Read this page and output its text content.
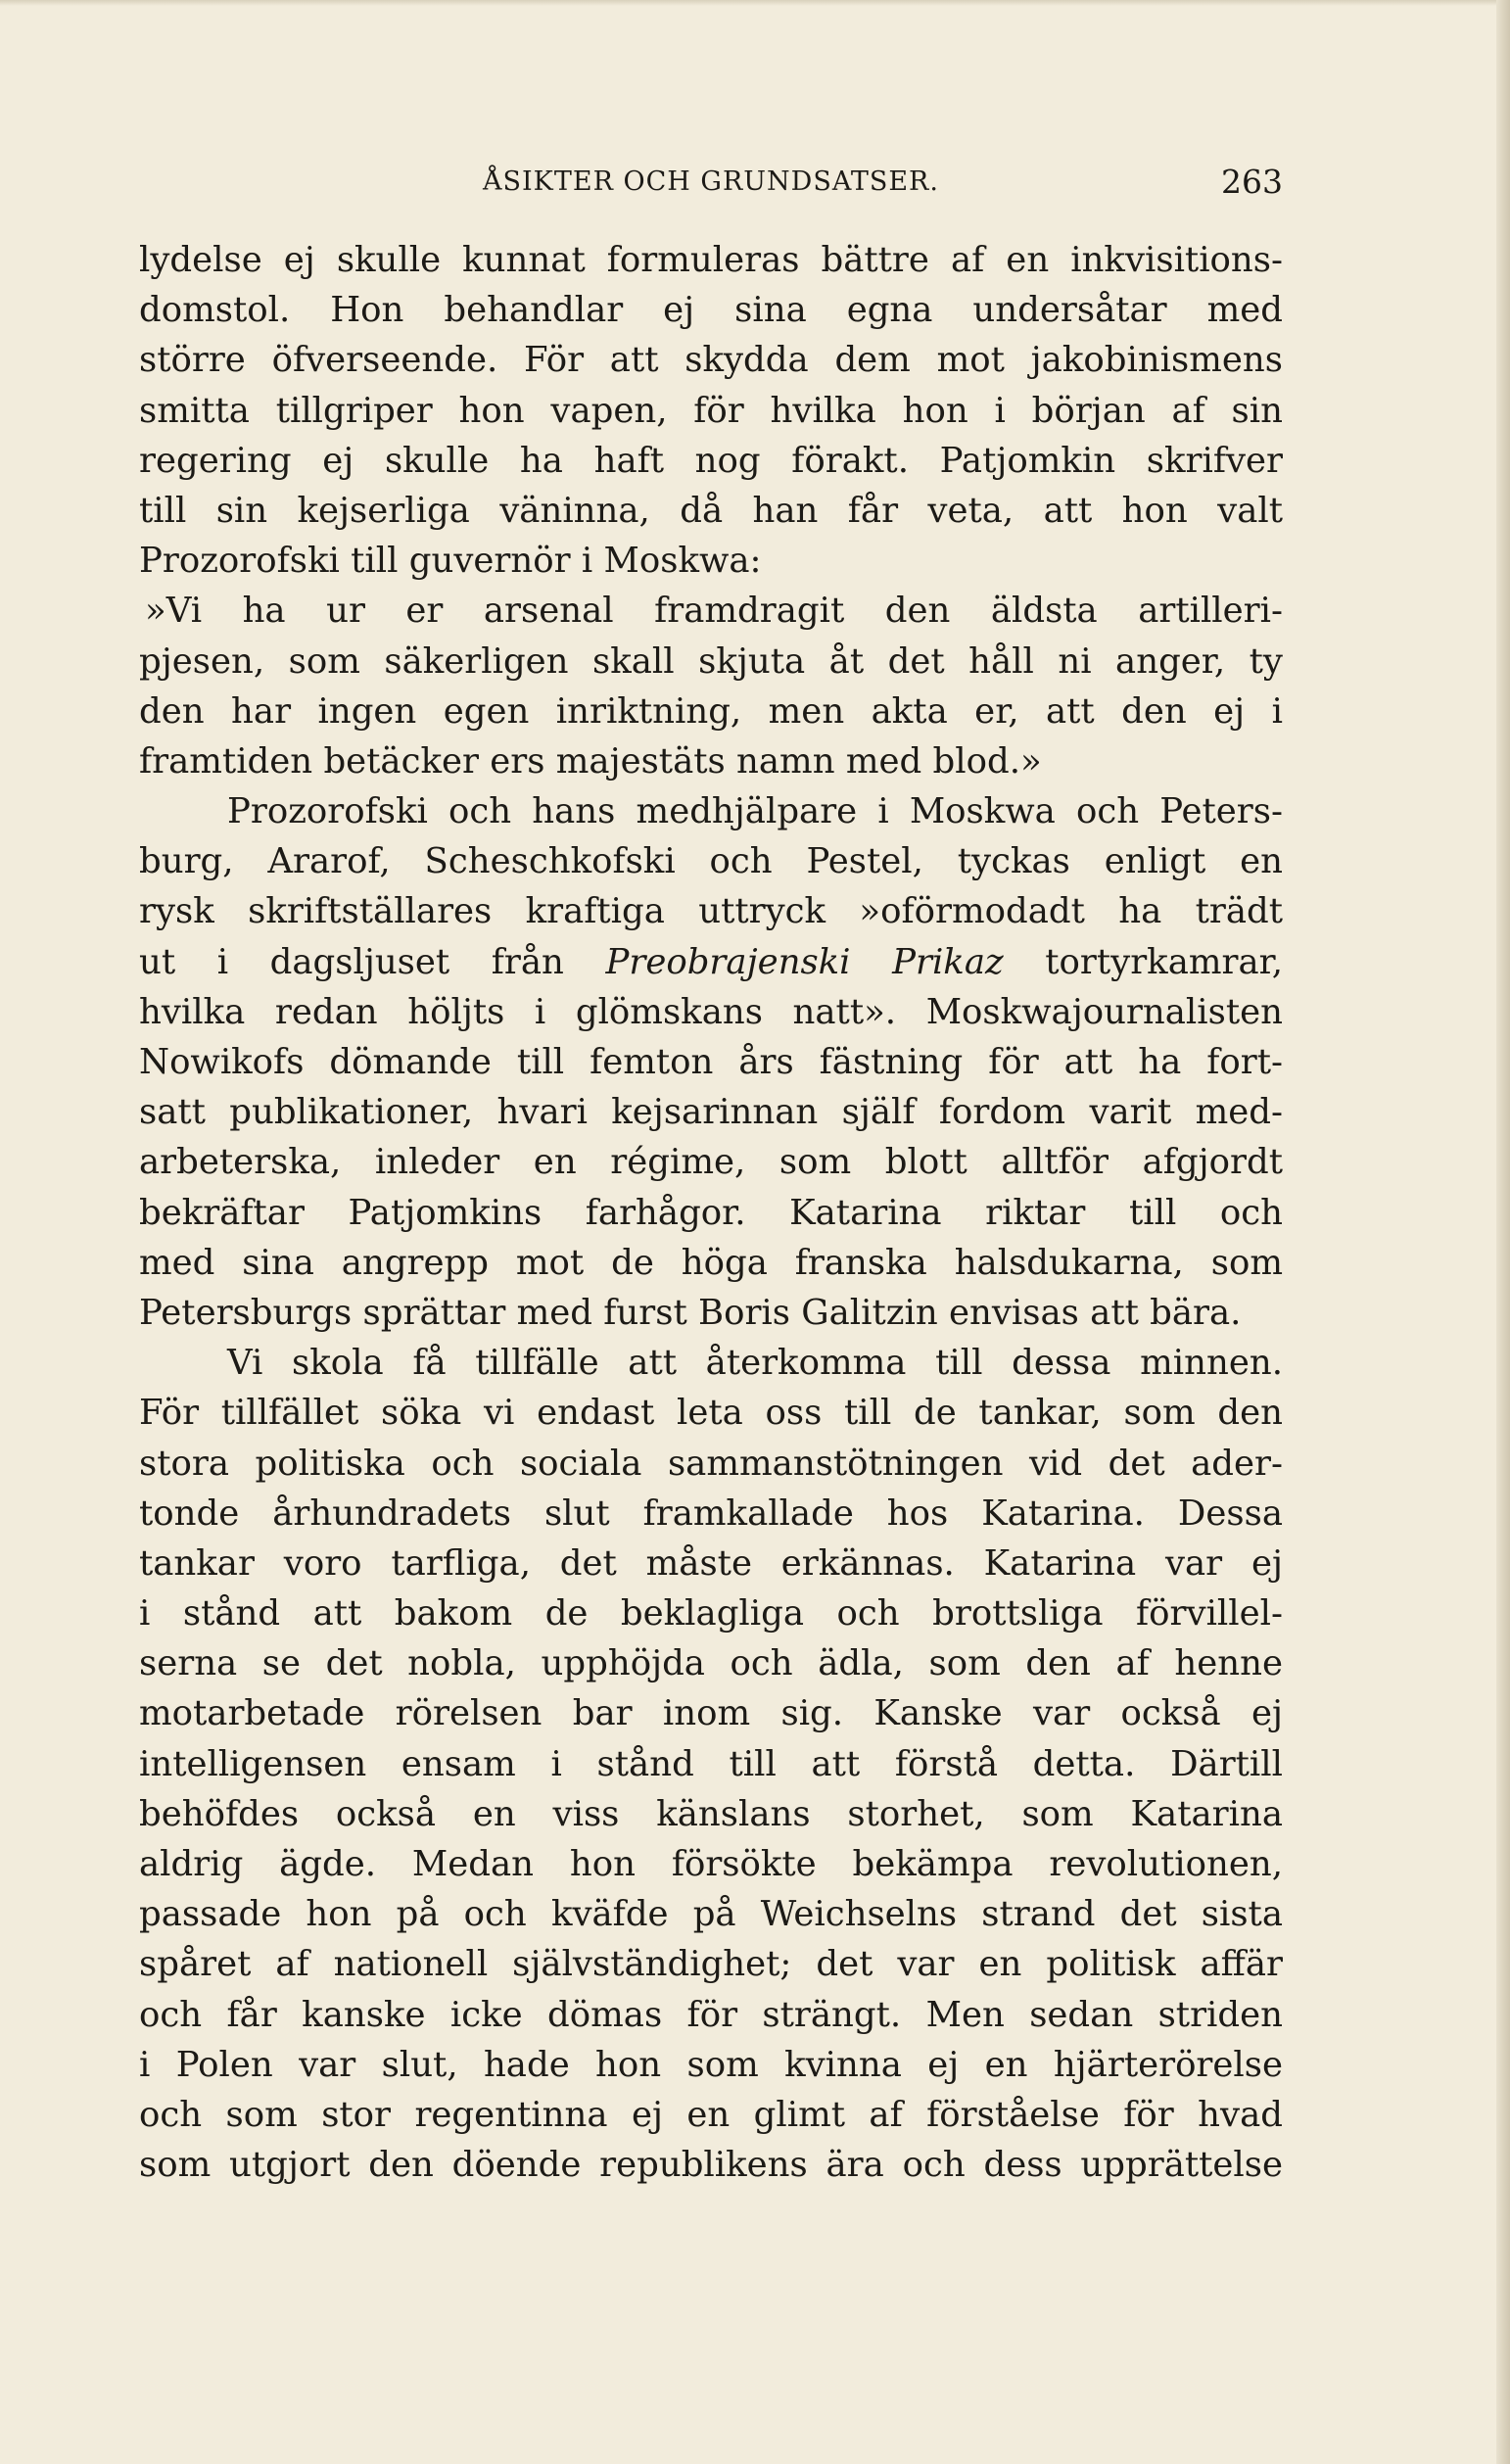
ÅSIKTER OCH GRUNDSATSER.	263

lydelse ej skulle kunnat formuleras bättre af en inkvisitions-

domstol. Hon behandlar ej sina egna undersåtar med

större öfverseende. För att skydda dem mot jakobinismens

smitta tillgriper hon vapen, för hvilka hon i början af sin

regering ej skulle ha haft nog förakt. Patjomkin skrifver

till sin kejserliga väninna, då han får veta, att hon valt

Prozorofski till guvernör i Moskwa:

»Vi ha ur er arsenal framdragit den äldsta artilleri-

pjesen, som säkerligen skall skjuta åt det håll ni anger, ty

den har ingen egen inriktning, men akta er, att den ej i

framtiden betäcker ers majestäts namn med blod.»

Prozorofski och hans medhjälpare i Moskwa och Peters-

burg, Ararof, Scheschkofski och Pestel, tyckas enligt en

rysk skriftställares kraftiga uttryck »oförmodadt ha trädt

ut i dagsljuset från Preobrajenski Prikaz tortyrkamrar,

hvilka redan höljts i glömskans natt». Moskwajournalisten

Nowikofs dömande till femton års fästning för att ha fort-

satt publikationer, hvari kejsarinnan själf fordom varit med-

arbeterska, inleder en régime, som blott alltför afgjordt

bekräftar Patjomkins farhågor. Katarina riktar till och

med sina angrepp mot de höga franska halsdukarna, som

Petersburgs sprättar med furst Boris Galitzin envisas att bära.

Vi skola få tillfälle att återkomma till dessa minnen.

För tillfället söka vi endast leta oss till de tankar, som den

stora politiska och sociala sammanstötningen vid det ader-

tonde århundradets slut framkallade hos Katarina. Dessa

tankar voro tarfliga, det måste erkännas. Katarina var ej

i stånd att bakom de beklagliga och brottsliga förvillel-

serna se det nobla, upphöjda och ädla, som den af henne

motarbetade rörelsen bar inom sig. Kanske var också ej

intelligensen ensam i stånd till att förstå detta. Därtill

behöfdes också en viss känslans storhet, som Katarina

aldrig ägde. Medan hon försökte bekämpa revolutionen,

passade hon på och kväfde på Weichselns strand det sista

spåret af nationell självständighet; det var en politisk affär

och får kanske icke dömas för strängt. Men sedan striden

i Polen var slut, hade hon som kvinna ej en hjärterörelse

och som stor regentinna ej en glimt af förståelse för hvad

som utgjort den döende republikens ära och dess upprättelse
